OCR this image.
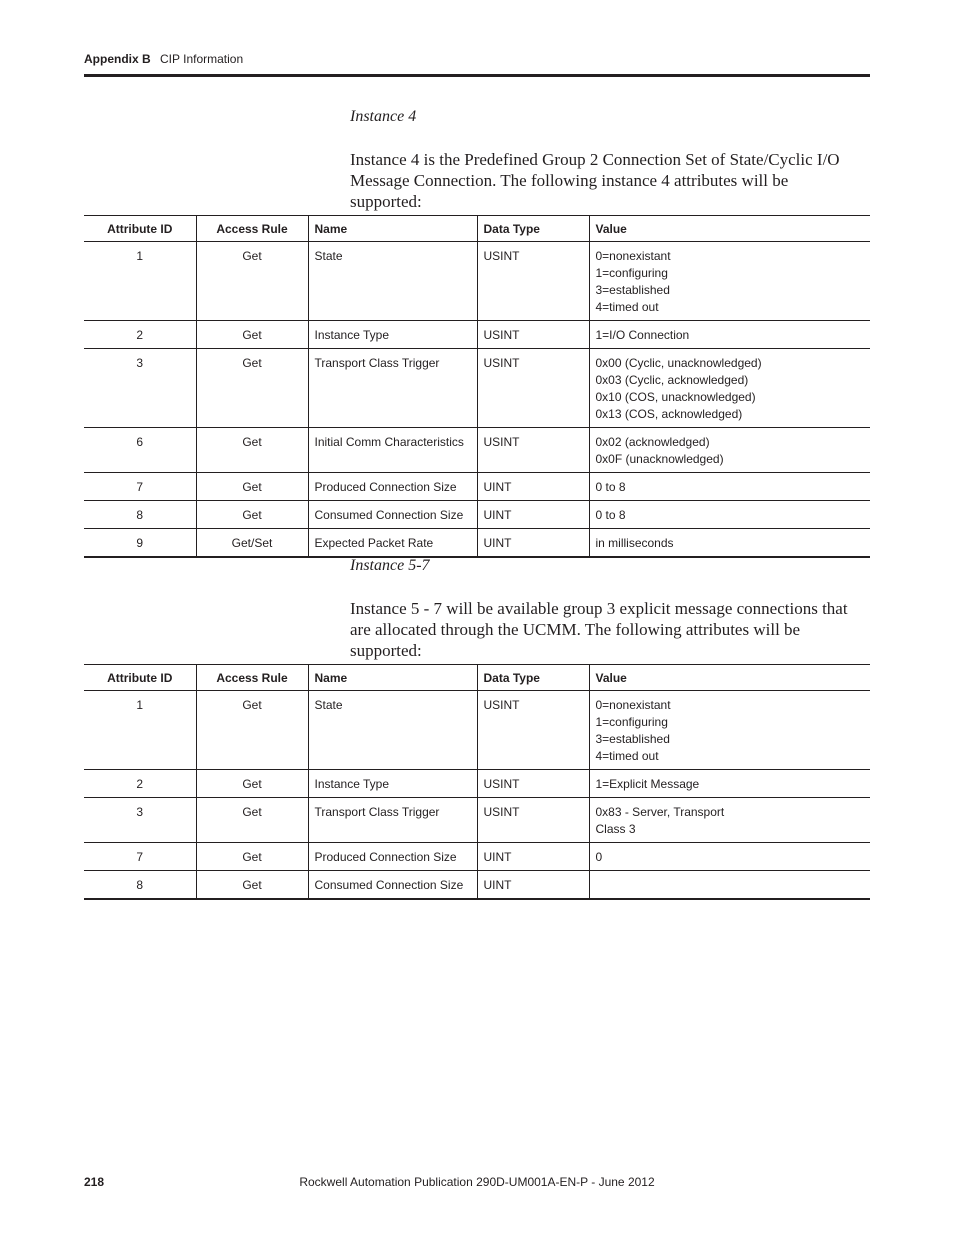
Appendix B CIP Information
Instance 4
Instance 4 is the Predefined Group 2 Connection Set of State/Cyclic I/O Message Connection. The following instance 4 attributes will be supported:
Attribute ID	Access Rule	Name	Data Type	Value
1	Get	State	USINT	0=nonexistant
1=configuring
3=established
4=timed out

2	Get	Instance Type	USINT	1=I/O Connection

3	Get	Transport Class Trigger	USINT	0x00 (Cyclic, unacknowledged)
0x03 (Cyclic, acknowledged)
0x10 (COS, unacknowledged)
0x13 (COS, acknowledged)

6	Get	Initial Comm Characteristics	USINT	0x02 (acknowledged)
0x0F (unacknowledged)

7	Get	Produced Connection Size	UINT	0 to 8

8	Get	Consumed Connection Size	UINT	0 to 8

9	Get/Set	Expected Packet Rate	UINT	in milliseconds
Instance 5-7
Instance 5 - 7 will be available group 3 explicit message connections that are allocated through the UCMM. The following attributes will be supported:
Attribute ID	Access Rule	Name	Data Type	Value
1	Get	State	USINT	0=nonexistant
1=configuring
3=established
4=timed out

2	Get	Instance Type	USINT	1=Explicit Message

3	Get	Transport Class Trigger	USINT	0x83 - Server, Transport
Class 3

7	Get	Produced Connection Size	UINT	0

8	Get	Consumed Connection Size	UINT	
218	Rockwell Automation Publication 290D-UM001A-EN-P - June 2012
